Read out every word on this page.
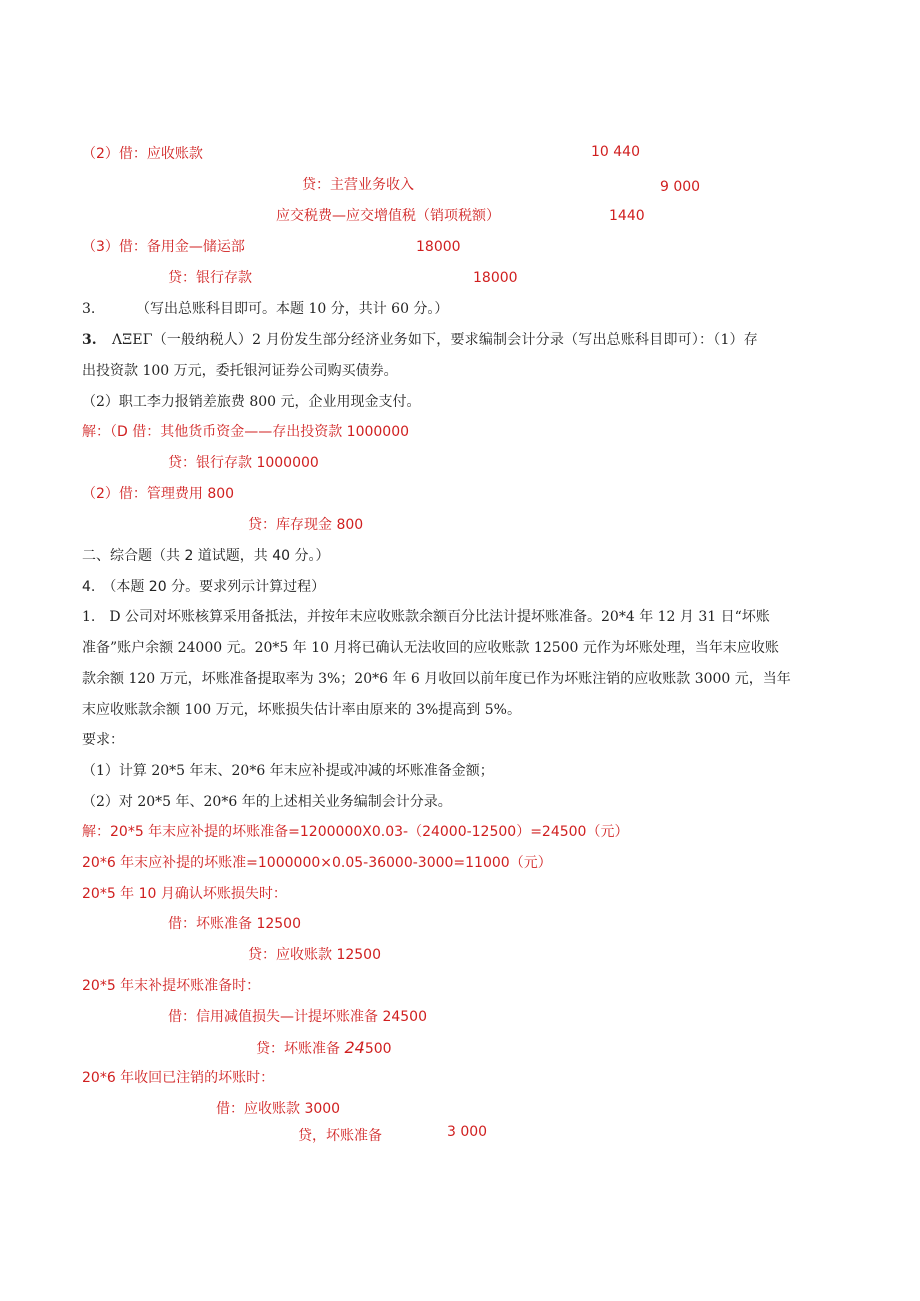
（2）借：应收账款	10 440
贷：主营业务收入	9 000
应交税费—应交增值税（销项税额）	1440
（3）借：备用金—储运部	18000
贷：银行存款	18000
3.	（写出总账科目即可。本题 10 分，共计 60 分。）
3. ΛΞΕΓ（一般纳税人）2 月份发生部分经济业务如下，要求编制会计分录（写出总账科目即可）：（1）存
出投资款 100 万元，委托银河证券公司购买债券。
（2）职工李力报销差旅费 800 元，企业用现金支付。
解：（D 借：其他货币资金——存出投资款 1000000
贷：银行存款 1000000
（2）借：管理费用 800
贷：库存现金 800
二、综合题（共 2 道试题，共 40 分。）
4.　（本题 20 分。要求列示计算过程）
1.　D 公司对坏账核算采用备抵法，并按年末应收账款余额百分比法计提坏账准备。20*4 年 12 月 31 日“坏账
准备”账户余额 24000 元。20*5 年 10 月将已确认无法收回的应收账款 12500 元作为坏账处理，当年末应收账
款余额 120 万元，坏账准备提取率为 3%；20*6 年 6 月收回以前年度已作为坏账注销的应收账款 3000 元，当年
末应收账款余额 100 万元，坏账损失估计率由原来的 3%提高到 5%。
要求：
（1）计算 20*5 年末、20*6 年末应补提或冲减的坏账准备金额；
（2）对 20*5 年、20*6 年的上述相关业务编制会计分录。
解：20*5 年末应补提的坏账准备=1200000X0.03-（24000-12500）=24500（元）
20*6 年末应补提的坏账准=1000000×0.05-36000-3000=11000（元）
20*5 年 10 月确认坏账损失时：
借：坏账准备 12500
贷：应收账款 12500
20*5 年末补提坏账准备时：
借：信用减值损失—计提坏账准备 24500
贷：坏账准备 24500
20*6 年收回已注销的坏账时：
借：应收账款 3000
贷，坏账准备	3 000
